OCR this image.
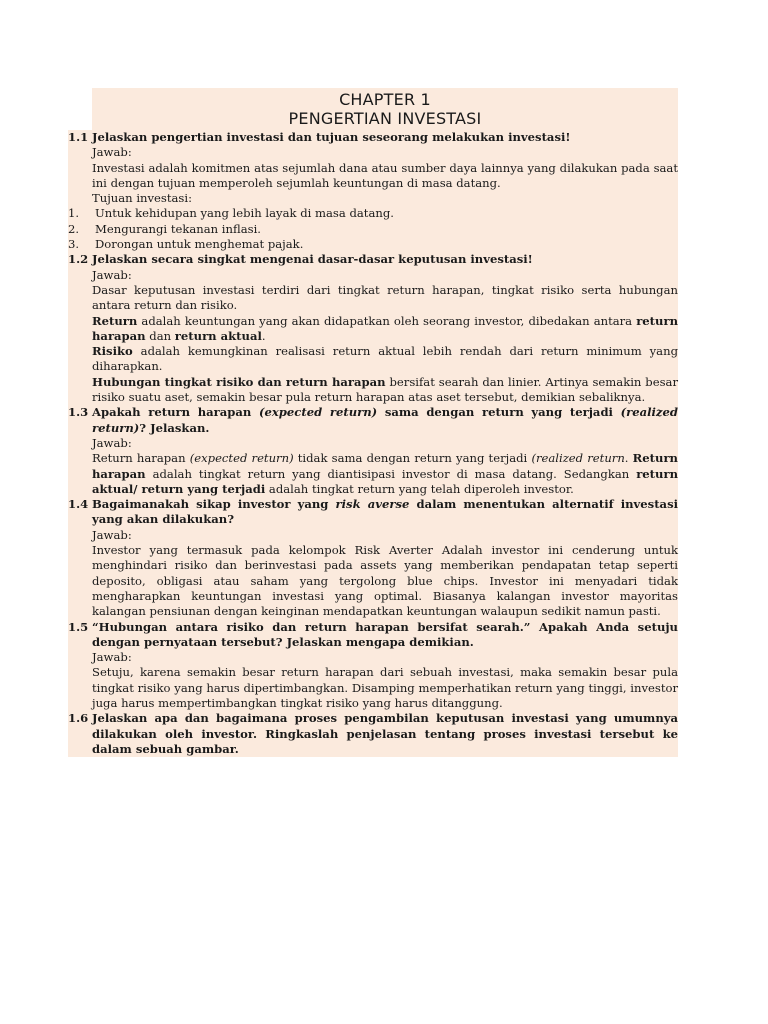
CHAPTER 1
PENGERTIAN INVESTASI
1.1 Jelaskan pengertian investasi dan tujuan seseorang melakukan investasi!
Jawab:
Investasi adalah komitmen atas sejumlah dana atau sumber daya lainnya yang dilakukan pada saat ini dengan tujuan memperoleh sejumlah keuntungan di masa datang.
Tujuan investasi:
1.	Untuk kehidupan yang lebih layak di masa datang.
2.	Mengurangi tekanan inflasi.
3.	Dorongan untuk menghemat pajak.
1.2 Jelaskan secara singkat mengenai dasar-dasar keputusan investasi!
Jawab:
Dasar keputusan investasi terdiri dari tingkat return harapan, tingkat risiko serta hubungan antara return dan risiko.
Return adalah keuntungan yang akan didapatkan oleh seorang investor, dibedakan antara return harapan dan return aktual.
Risiko adalah kemungkinan realisasi return aktual lebih rendah dari return minimum yang diharapkan.
Hubungan tingkat risiko dan return harapan bersifat searah dan linier. Artinya semakin besar risiko suatu aset, semakin besar pula return harapan atas aset tersebut, demikian sebaliknya.
1.3 Apakah return harapan (expected return) sama dengan return yang terjadi (realized return)? Jelaskan.
Jawab:
Return harapan (expected return) tidak sama dengan return yang terjadi (realized return. Return harapan adalah tingkat return yang diantisipasi investor di masa datang. Sedangkan return aktual/ return yang terjadi adalah tingkat return yang telah diperoleh investor.
1.4 Bagaimanakah sikap investor yang risk averse dalam menentukan alternatif investasi yang akan dilakukan?
Jawab:
Investor yang termasuk pada kelompok Risk Averter Adalah investor ini cenderung untuk menghindari risiko dan berinvestasi pada assets yang memberikan pendapatan tetap seperti deposito, obligasi atau saham yang tergolong blue chips. Investor ini menyadari tidak mengharapkan keuntungan investasi yang optimal. Biasanya kalangan investor mayoritas kalangan pensiunan dengan keinginan mendapatkan keuntungan walaupun sedikit namun pasti.
1.5 “Hubungan antara risiko dan return harapan bersifat searah.” Apakah Anda setuju dengan pernyataan tersebut? Jelaskan mengapa demikian.
Jawab:
Setuju, karena semakin besar return harapan dari sebuah investasi, maka semakin besar pula tingkat risiko yang harus dipertimbangkan. Disamping memperhatikan return yang tinggi, investor juga harus mempertimbangkan tingkat risiko yang harus ditanggung.
1.6 Jelaskan apa dan bagaimana proses pengambilan keputusan investasi yang umumnya dilakukan oleh investor. Ringkaslah penjelasan tentang proses investasi tersebut ke dalam sebuah gambar.
